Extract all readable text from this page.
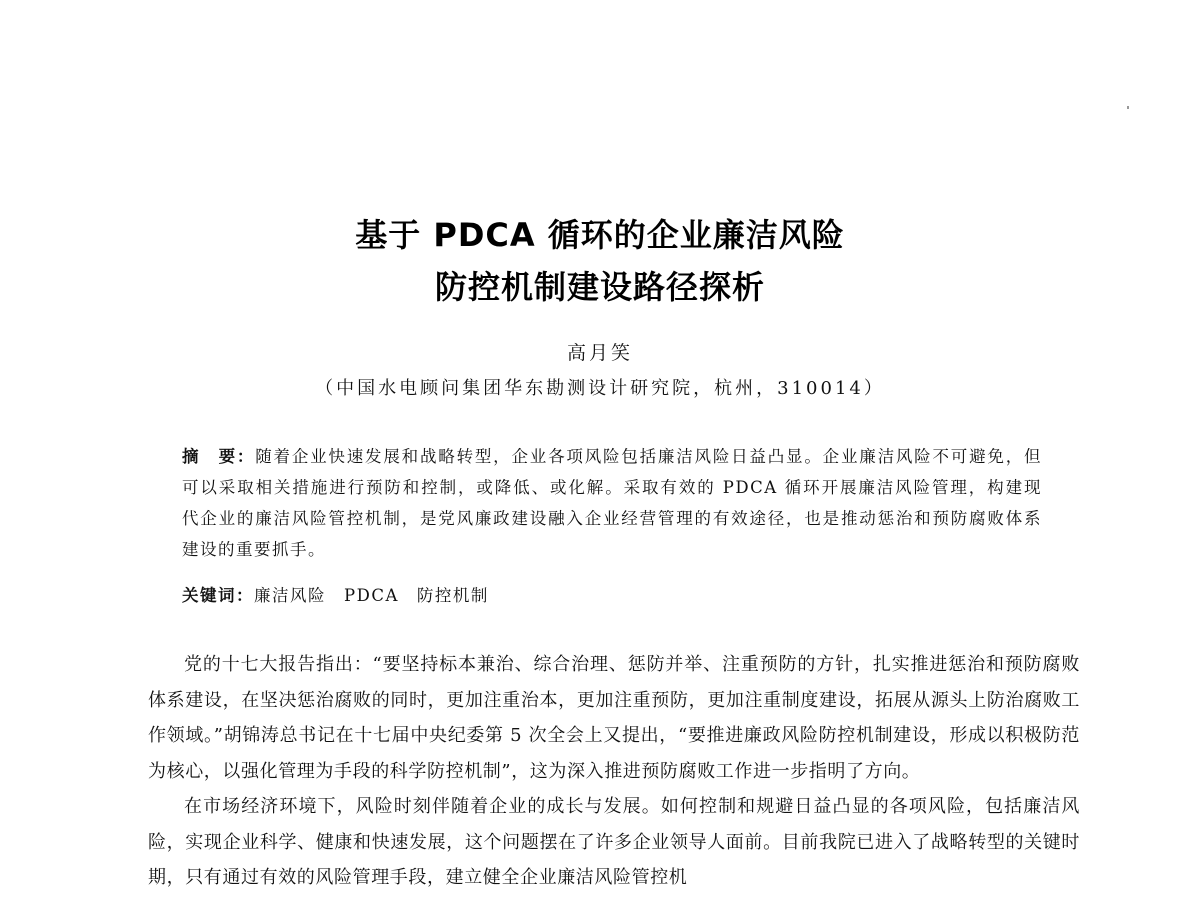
基于 PDCA 循环的企业廉洁风险
防控机制建设路径探析
高月笑
（中国水电顾问集团华东勘测设计研究院，杭州，310014）
摘　要：随着企业快速发展和战略转型，企业各项风险包括廉洁风险日益凸显。企业廉洁风险不可避免，但可以采取相关措施进行预防和控制，或降低、或化解。采取有效的 PDCA 循环开展廉洁风险管理，构建现代企业的廉洁风险管控机制，是党风廉政建设融入企业经营管理的有效途径，也是推动惩治和预防腐败体系建设的重要抓手。
关键词：廉洁风险　PDCA　防控机制

党的十七大报告指出：“要坚持标本兼治、综合治理、惩防并举、注重预防的方针，扎实推进惩治和预防腐败体系建设，在坚决惩治腐败的同时，更加注重治本，更加注重预防，更加注重制度建设，拓展从源头上防治腐败工作领域。”胡锦涛总书记在十七届中央纪委第 5 次全会上又提出，“要推进廉政风险防控机制建设，形成以积极防范为核心，以强化管理为手段的科学防控机制”，这为深入推进预防腐败工作进一步指明了方向。

在市场经济环境下，风险时刻伴随着企业的成长与发展。如何控制和规避日益凸显的各项风险，包括廉洁风险，实现企业科学、健康和快速发展，这个问题摆在了许多企业领导人面前。目前我院已进入了战略转型的关键时期，只有通过有效的风险管理手段，建立健全企业廉洁风险管控机
